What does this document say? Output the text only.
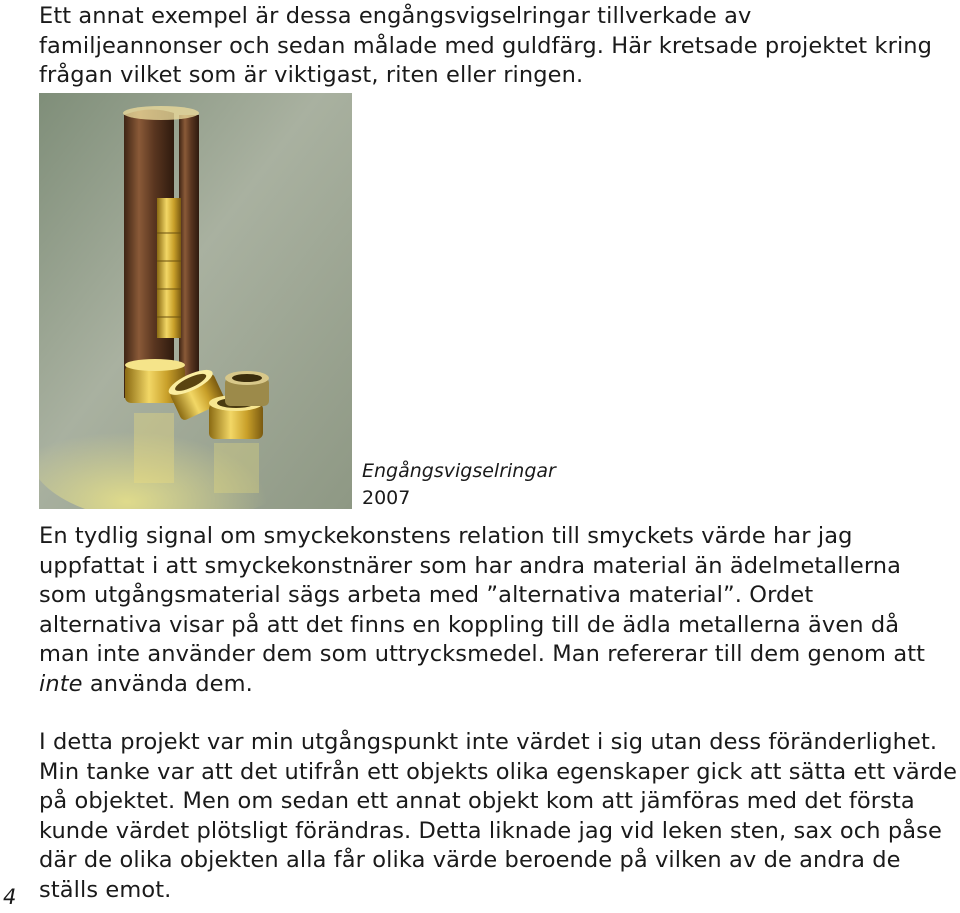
Ett annat exempel är dessa engångsvigselringar tillverkade av familjeannonser och sedan målade med guldfärg. Här kretsade projektet kring frågan vilket som är viktigast, riten eller ringen.

Engångsvigselringar
2007

En tydlig signal om smyckekonstens relation till smyckets värde har jag uppfattat i att smyckekonstnärer som har andra material än ädelmetallerna som utgångsmaterial sägs arbeta med ”alternativa material”. Ordet alternativa visar på att det finns en koppling till de ädla metallerna även då man inte använder dem som uttrycksmedel. Man refererar till dem genom att inte använda dem.

I detta projekt var min utgångspunkt inte värdet i sig utan dess föränderlighet. Min tanke var att det utifrån ett objekts olika egenskaper gick att sätta ett värde på objektet. Men om sedan ett annat objekt kom att jämföras med det första kunde värdet plötsligt förändras. Detta liknade jag vid leken sten, sax och påse där de olika objekten alla får olika värde beroende på vilken av de andra de ställs emot.

4
